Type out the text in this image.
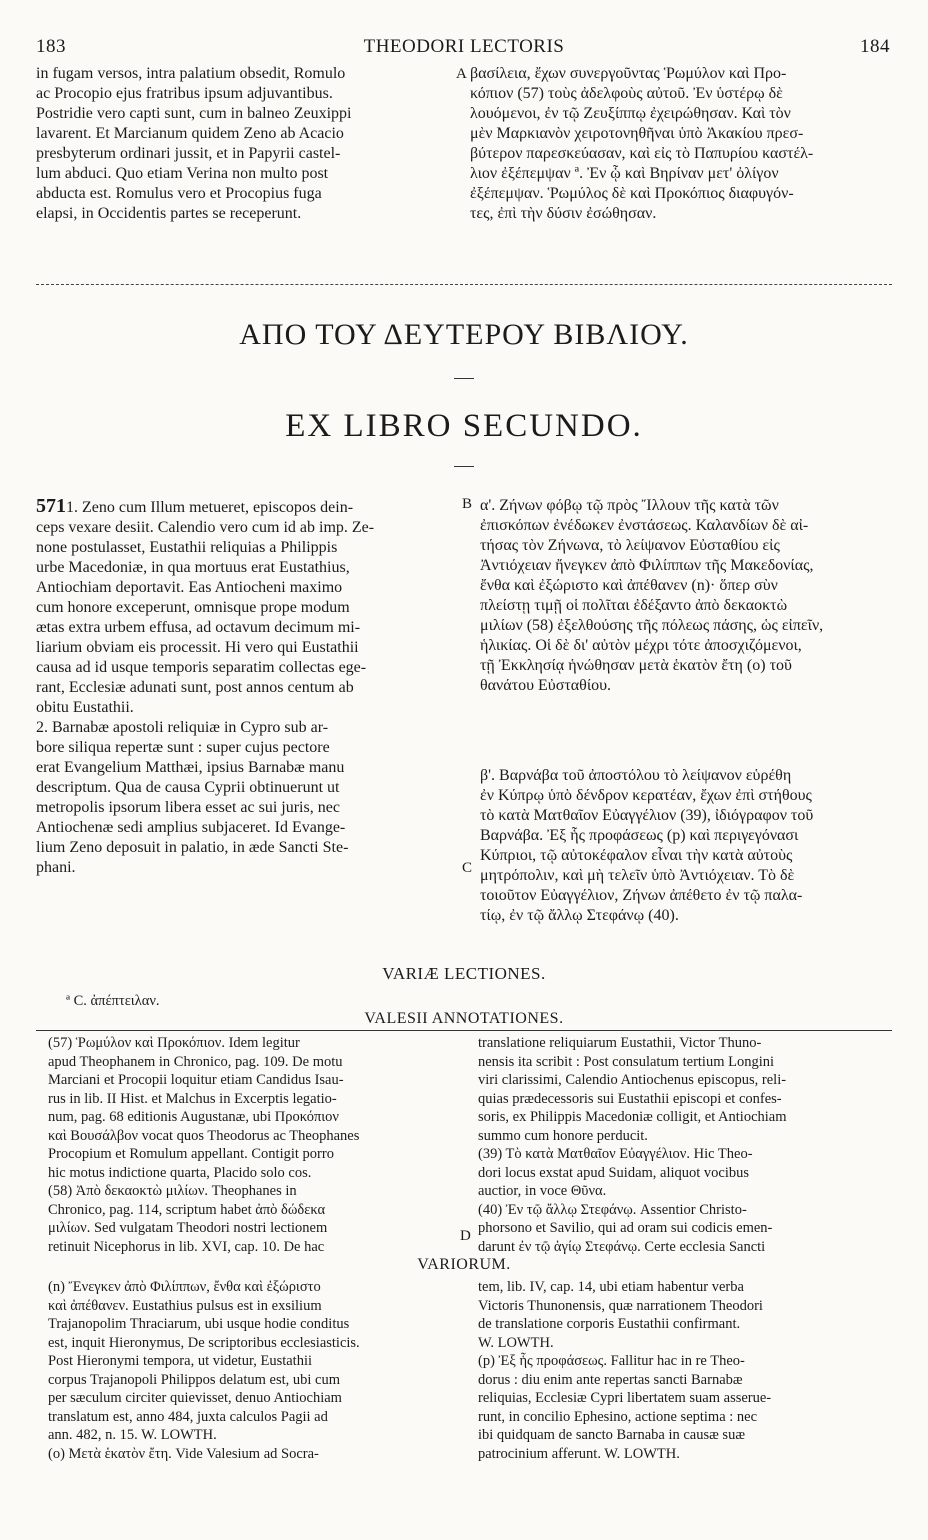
183	THEODORI LECTORIS	184

in fugam versos, intra palatium obsedit, Romulo

ac Procopio ejus fratribus ipsum adjuvantibus.

Postridie vero capti sunt, cum in balneo Zeuxippi

lavarent. Et Marcianum quidem Zeno ab Acacio

presbyterum ordinari jussit, et in Papyrii castel-

lum abduci. Quo etiam Verina non multo post

abducta est. Romulus vero et Procopius fuga

elapsi, in Occidentis partes se receperunt.

A βασίλεια, ἔχων συνεργοῦντας Ῥωμύλον καὶ Προ-

κόπιον (57) τοὺς ἀδελφοὺς αὐτοῦ. Ἐν ὑστέρῳ δὲ

λουόμενοι, ἐν τῷ Ζευξίππῳ ἐχειρώθησαν. Καὶ τὸν

μὲν Μαρκιανὸν χειροτονηθῆναι ὑπὸ Ἀκακίου πρεσ-

βύτερον παρεσκεύασαν, καὶ εἰς τὸ Παπυρίου καστέλ-

λιον ἐξέπεμψαν ª. Ἐν ᾧ καὶ Βηρίναν μετ' ὀλίγον

ἐξέπεμψαν. Ῥωμύλος δὲ καὶ Προκόπιος διαφυγόν-

τες, ἐπὶ τὴν δύσιν ἐσώθησαν.

ΑΠΟ ΤΟΥ ΔΕΥΤΕΡΟΥ ΒΙΒΛΙΟΥ.
EX LIBRO SECUNDO.

5711. Zeno cum Illum metueret, episcopos dein-

ceps vexare desiit. Calendio vero cum id ab imp. Ze-

none postulasset, Eustathii reliquias a Philippis

urbe Macedoniæ, in qua mortuus erat Eustathius,

Antiochiam deportavit. Eas Antiocheni maximo

cum honore exceperunt, omnisque prope modum

ætas extra urbem effusa, ad octavum decimum mi-

liarium obviam eis processit. Hi vero qui Eustathii

causa ad id usque temporis separatim collectas ege-

rant, Ecclesiæ adunati sunt, post annos centum ab

obitu Eustathii.

2. Barnabæ apostoli reliquiæ in Cypro sub ar-

bore siliqua repertæ sunt : super cujus pectore

erat Evangelium Matthæi, ipsius Barnabæ manu

descriptum. Qua de causa Cyprii obtinuerunt ut

metropolis ipsorum libera esset ac sui juris, nec

Antiochenæ sedi amplius subjaceret. Id Evange-

lium Zeno deposuit in palatio, in æde Sancti Ste-

phani.

B
C

α'. Ζήνων φόβῳ τῷ πρὸς Ἴλλουν τῆς κατὰ τῶν

ἐπισκόπων ἐνέδωκεν ἐνστάσεως. Καλανδίων δὲ αἰ-

τήσας τὸν Ζήνωνα, τὸ λείψανον Εὐσταθίου εἰς

Ἀντιόχειαν ἤνεγκεν ἀπὸ Φιλίππων τῆς Μακεδονίας,

ἔνθα καὶ ἐξώριστο καὶ ἀπέθανεν (n)· ὅπερ σὺν

πλείστῃ τιμῇ οἱ πολῖται ἐδέξαντο ἀπὸ δεκαοκτὼ

μιλίων (58) ἐξελθούσης τῆς πόλεως πάσης, ὡς εἰπεῖν,

ἡλικίας. Οἱ δὲ δι' αὐτὸν μέχρι τότε ἀποσχιζόμενοι,

τῇ Ἐκκλησίᾳ ἡνώθησαν μετὰ ἑκατὸν ἔτη (o) τοῦ

θανάτου Εὐσταθίου.

β'. Βαρνάβα τοῦ ἀποστόλου τὸ λείψανον εὑρέθη

ἐν Κύπρῳ ὑπὸ δένδρον κερατέαν, ἔχων ἐπὶ στήθους

τὸ κατὰ Ματθαῖον Εὐαγγέλιον (39), ἰδιόγραφον τοῦ

Βαρνάβα. Ἐξ ἧς προφάσεως (p) καὶ περιγεγόνασι

Κύπριοι, τῷ αὐτοκέφαλον εἶναι τὴν κατὰ αὐτοὺς

μητρόπολιν, καὶ μὴ τελεῖν ὑπὸ Ἀντιόχειαν. Τὸ δὲ

τοιοῦτον Εὐαγγέλιον, Ζήνων ἀπέθετο ἐν τῷ παλα-

τίῳ, ἐν τῷ ἄλλῳ Στεφάνῳ (40).

VARIÆ LECTIONES.
ª C. ἀπέπτειλαν.
VALESII ANNOTATIONES.

(57) Ῥωμύλον καὶ Προκόπιον. Idem legitur

apud Theophanem in Chronico, pag. 109. De motu

Marciani et Procopii loquitur etiam Candidus Isau-

rus in lib. II Hist. et Malchus in Excerptis legatio-

num, pag. 68 editionis Augustanæ, ubi Προκόπιον

καὶ Βουσάλβον vocat quos Theodorus ac Theophanes

Procopium et Romulum appellant. Contigit porro

hic motus indictione quarta, Placido solo cos.

(58) Ἀπὸ δεκαοκτὼ μιλίων. Theophanes in

Chronico, pag. 114, scriptum habet ἀπὸ δώδεκα

μιλίων. Sed vulgatam Theodori nostri lectionem

retinuit Nicephorus in lib. XVI, cap. 10. De hac

D

translatione reliquiarum Eustathii, Victor Thuno-

nensis ita scribit : Post consulatum tertium Longini

viri clarissimi, Calendio Antiochenus episcopus, reli-

quias prædecessoris sui Eustathii episcopi et confes-

soris, ex Philippis Macedoniæ colligit, et Antiochiam

summo cum honore perducit.

(39) Τὸ κατὰ Ματθαῖον Εὐαγγέλιον. Hic Theo-

dori locus exstat apud Suidam, aliquot vocibus

auctior, in voce Θῦνα.

(40) Ἐν τῷ ἄλλῳ Στεφάνῳ. Assentior Christo-

phorsono et Savilio, qui ad oram sui codicis emen-

darunt ἐν τῷ ἁγίῳ Στεφάνῳ. Certe ecclesia Sancti

VARIORUM.

(n) Ἔνεγκεν ἀπὸ Φιλίππων, ἔνθα καὶ ἐξώριστο

καὶ ἀπέθανεν. Eustathius pulsus est in exsilium

Trajanopolim Thraciarum, ubi usque hodie conditus

est, inquit Hieronymus, De scriptoribus ecclesiasticis.

Post Hieronymi tempora, ut videtur, Eustathii

corpus Trajanopoli Philippos delatum est, ubi cum

per sæculum circiter quievisset, denuo Antiochiam

translatum est, anno 484, juxta calculos Pagii ad

ann. 482, n. 15. W. LOWTH.

(o) Μετὰ ἑκατὸν ἔτη. Vide Valesium ad Socra-

tem, lib. IV, cap. 14, ubi etiam habentur verba

Victoris Thunonensis, quæ narrationem Theodori

de translatione corporis Eustathii confirmant.

W. LOWTH.

(p) Ἐξ ἧς προφάσεως. Fallitur hac in re Theo-

dorus : diu enim ante repertas sancti Barnabæ

reliquias, Ecclesiæ Cypri libertatem suam asserue-

runt, in concilio Ephesino, actione septima : nec

ibi quidquam de sancto Barnaba in causæ suæ

patrocinium afferunt. W. LOWTH.
